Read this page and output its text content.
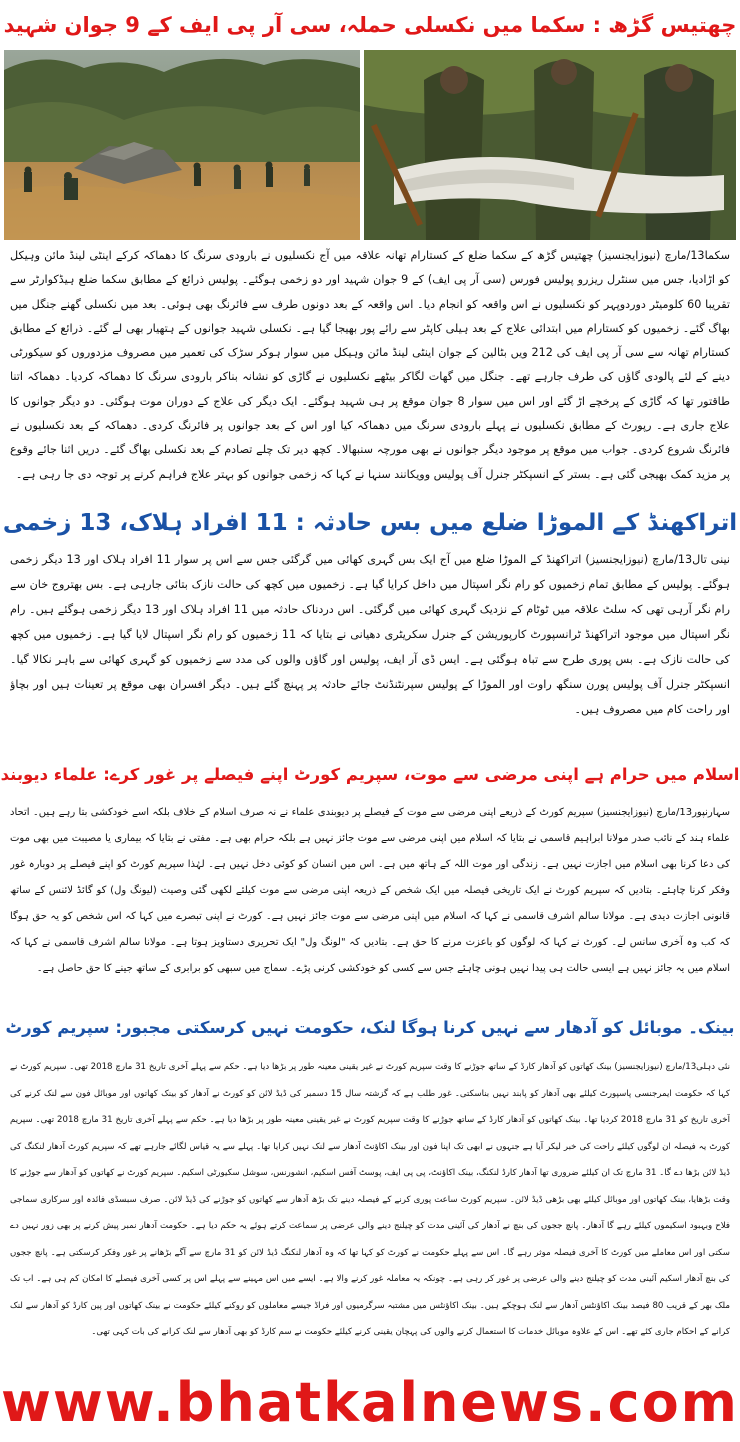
چھتیس گڑھ : سکما میں نکسلی حملہ، سی آر پی ایف کے 9 جوان شہید

سکما13/مارچ (نیوزایجنسیز) چھتیس گڑھ کے سکما ضلع کے کستارام تھانہ علاقہ میں آج نکسلیوں نے بارودی سرنگ کا دھماکہ کرکے اینٹی لینڈ مائن وہیکل کو اڑادیا، جس میں سنٹرل ریزرو پولیس فورس (سی آر پی ایف) کے 9 جوان شہید اور دو زخمی ہوگئے۔ پولیس ذرائع کے مطابق سکما ضلع ہیڈکوارٹر سے تقریبا 60 کلومیٹر دوردوپہر کو نکسلیوں نے اس واقعہ کو انجام دیا۔ اس واقعہ کے بعد دونوں طرف سے فائرنگ بھی ہوئی۔ بعد میں نکسلی گھنے جنگل میں بھاگ گئے۔ زخمیوں کو کستارام میں ابتدائی علاج کے بعد ہیلی کاپٹر سے رائے پور بھیجا گیا ہے۔ نکسلی شہید جوانوں کے ہتھیار بھی لے گئے۔ ذرائع کے مطابق کستارام تھانہ سے سی آر پی ایف کی 212 ویں بٹالین کے جوان اینٹی لینڈ مائن وہیکل میں سوار ہوکر سڑک کی تعمیر میں مصروف مزدوروں کو سیکورٹی دینے کے لئے پالودی گاؤں کی طرف جارہے تھے۔ جنگل میں گھات لگاکر بیٹھے نکسلیوں نے گاڑی کو نشانہ بناکر بارودی سرنگ کا دھماکہ کردیا۔ دھماکہ اتنا طاقتور تھا کہ گاڑی کے پرخچے اڑ گئے اور اس میں سوار 8 جوان موقع پر ہی شہید ہوگئے۔ ایک دیگر کی علاج کے دوران موت ہوگئی۔ دو دیگر جوانوں کا علاج جاری ہے۔ رپورٹ کے مطابق نکسلیوں نے پہلے بارودی سرنگ میں دھماکہ کیا اور اس کے بعد جوانوں پر فائرنگ کردی۔ دھماکہ کے بعد نکسلیوں نے فائرنگ شروع کردی۔ جواب میں موقع پر موجود دیگر جوانوں نے بھی مورچہ سنبھالا۔ کچھ دیر تک چلے تصادم کے بعد نکسلی بھاگ گئے۔ دریں اثنا جائے وقوع پر مزید کمک بھیجی گئی ہے۔ بستر کے انسپکٹر جنرل آف پولیس وویکانند سنہا نے کہا کہ زخمی جوانوں کو بہتر علاج فراہم کرنے پر توجہ دی جا رہی ہے۔

اتراکھنڈ کے الموڑا ضلع میں بس حادثہ : 11 افراد ہلاک، 13 زخمی

نینی تال13/مارچ (نیوزایجنسیز) اتراکھنڈ کے الموڑا ضلع میں آج ایک بس گہری کھائی میں گرگئی جس سے اس پر سوار 11 افراد ہلاک اور 13 دیگر زخمی ہوگئے۔ پولیس کے مطابق تمام زخمیوں کو رام نگر اسپتال میں داخل کرایا گیا ہے۔ زخمیوں میں کچھ کی حالت نازک بتائی جارہی ہے۔ بس بھتروج خان سے رام نگر آرہی تھی کہ سلٹ علاقہ میں ٹوٹام کے نزدیک گہری کھائی میں گرگئی۔ اس دردناک حادثہ میں 11 افراد ہلاک اور 13 دیگر زخمی ہوگئے ہیں۔ رام نگر اسپتال میں موجود اتراکھنڈ ٹرانسپورٹ کارپوریشن کے جنرل سکریٹری دھیانی نے بتایا کہ 11 زخمیوں کو رام نگر اسپتال لایا گیا ہے۔ زخمیوں میں کچھ کی حالت نازک ہے۔ بس پوری طرح سے تباہ ہوگئی ہے۔ ایس ڈی آر ایف، پولیس اور گاؤں والوں کی مدد سے زخمیوں کو گہری کھائی سے باہر نکالا گیا۔ انسپکٹر جنرل آف پولیس پورن سنگھ راوت اور الموڑا کے پولیس سپرنٹنڈنٹ جائے حادثہ پر پہنچ گئے ہیں۔ دیگر افسران بھی موقع پر تعینات ہیں اور بچاؤ اور راحت کام میں مصروف ہیں۔

اسلام میں حرام ہے اپنی مرضی سے موت، سپریم کورٹ اپنے فیصلے پر غور کرے: علماء دیوبند

سہارنپور13/مارچ (نیوزایجنسیز) سپریم کورٹ کے ذریعے اپنی مرضی سے موت کے فیصلے پر دیوبندی علماء نے نہ صرف اسلام کے خلاف بلکہ اسے خودکشی بتا رہے ہیں۔ اتحاد علماء ہند کے نائب صدر مولانا ابراہیم قاسمی نے بتایا کہ اسلام میں اپنی مرضی سے موت جائز نہیں ہے بلکہ حرام بھی ہے۔ مفتی نے بتایا کہ بیماری یا مصیبت میں بھی موت کی دعا کرنا بھی اسلام میں اجازت نہیں ہے۔ زندگی اور موت اللہ کے ہاتھ میں ہے۔ اس میں انسان کو کوئی دخل نہیں ہے۔ لہٰذا سپریم کورٹ کو اپنے فیصلے پر دوبارہ غور وفکر کرنا چاہئے۔ بتادیں کہ سپریم کورٹ نے ایک تاریخی فیصلہ میں ایک شخص کے ذریعہ اپنی مرضی سے موت کیلئے لکھی گئی وصیت (لیونگ ول) کو گائڈ لائنس کے ساتھ قانونی اجازت دیدی ہے۔ مولانا سالم اشرف قاسمی نے کہا کہ اسلام میں اپنی مرضی سے موت جائز نہیں ہے۔ کورٹ نے اپنی تبصرے میں کہا کہ اس شخص کو یہ حق ہوگا کہ کب وہ آخری سانس لے۔ کورٹ نے کہا کہ لوگوں کو باعزت مرنے کا حق ہے۔ بتادیں کہ "لونگ ول" ایک تحریری دستاویز ہوتا ہے۔ مولانا سالم اشرف قاسمی نے کہا کہ اسلام میں یہ جائز نہیں ہے ایسی حالت ہی پیدا نہیں ہونی چاہئے جس سے کسی کو خودکشی کرنی پڑے۔ سماج میں سبھی کو برابری کے ساتھ جینے کا حق حاصل ہے۔

بینک۔ موبائل کو آدھار سے نہیں کرنا ہوگا لنک، حکومت نہیں کرسکتی مجبور: سپریم کورٹ

نئی دہلی13/مارچ (نیوزایجنسیز) بینک کھاتوں کو آدھار کارڈ کے ساتھ جوڑنے کا وقت سپریم کورٹ نے غیر یقینی معینہ طور پر بڑھا دیا ہے۔ حکم سے پہلے آخری تاریخ 31 مارچ 2018 تھی۔ سپریم کورٹ نے کہا کہ حکومت ایمرجنسی پاسپورٹ کیلئے بھی آدھار کو پابند نہیں بناسکتی۔ غور طلب ہے کہ گزشتہ سال 15 دسمبر کی ڈیڈ لائن کو کورٹ نے آدھار کو بینک کھاتوں اور موبائل فون سے لنک کرنے کی آخری تاریخ کو 31 مارچ 2018 کردیا تھا۔ بینک کھاتوں کو آدھار کارڈ کے ساتھ جوڑنے کا وقت سپریم کورٹ نے غیر یقینی معینہ طور پر بڑھا دیا ہے۔ حکم سے پہلے آخری تاریخ 31 مارچ 2018 تھی۔ سپریم کورٹ یہ فیصلہ ان لوگوں کیلئے راحت کی خبر لیکر آیا ہے جنہوں نے ابھی تک اپنا فون اور بینک اکاؤنٹ آدھار سے لنک نہیں کرایا تھا۔ پہلے سے یہ قیاس لگائے جارہے تھے کہ سپریم کورٹ آدھار لنکنگ کی ڈیڈ لائن بڑھا دے گا۔ 31 مارچ تک ان کیلئے ضروری تھا آدھار کارڈ لنکنگ، بینک اکاؤنٹ، پی پی ایف، پوسٹ آفس اسکیم، انشورنس، سوشل سکیورٹی اسکیم۔ سپریم کورٹ نے کھاتوں کو آدھار سے جوڑنے کا وقت بڑھایا، بینک کھاتوں اور موبائل کیلئے بھی بڑھی ڈیڈ لائن۔ سپریم کورٹ ساعت پوری کرنے کے فیصلہ دینے تک بڑھ آدھار سے کھاتوں کو جوڑنے کی ڈیڈ لائن۔ صرف سبسڈی فائدہ اور سرکاری سماجی فلاح وبہبود اسکیموں کیلئے رہے گا آدھار۔ پانچ ججوں کی بنچ نے آدھار کی آئینی مدت کو چیلنج دینے والی عرضی پر سماعت کرتے ہوئے یہ حکم دیا ہے۔ حکومت آدھار نمبر پیش کرنے پر بھی زور نہیں دے سکتی اور اس معاملے میں کورٹ کا آخری فیصلہ موثر رہے گا۔ اس سے پہلے حکومت نے کورٹ کو کہا تھا کہ وہ آدھار لنکنگ ڈیڈ لائن کو 31 مارچ سے آگے بڑھانے پر غور وفکر کرسکتی ہے۔ پانچ ججوں کی بنچ آدھار اسکیم آئینی مدت کو چیلنج دینے والی عرضی پر غور کر رہی ہے۔ چونکہ یہ معاملہ غور کرنے والا ہے۔ ایسے میں اس مہینے سے پہلے اس پر کسی آخری فیصلے کا امکان کم ہی ہے۔ اب تک ملک بھر کے قریب 80 فیصد بینک اکاؤنٹس آدھار سے لنک ہوچکے ہیں۔ بینک اکاؤنٹس میں مشتبہ سرگرمیوں اور فراڈ جیسے معاملوں کو روکنے کیلئے حکومت نے بینک کھاتوں اور پین کارڈ کو آدھار سے لنک کرانے کے احکام جاری کئے تھے۔ اس کے علاوہ موبائل خدمات کا استعمال کرنے والوں کی پہچان یقینی کرنے کیلئے حکومت نے سم کارڈ کو بھی آدھار سے لنک کرانے کی بات کہی تھی۔

www.bhatkalnews.com
